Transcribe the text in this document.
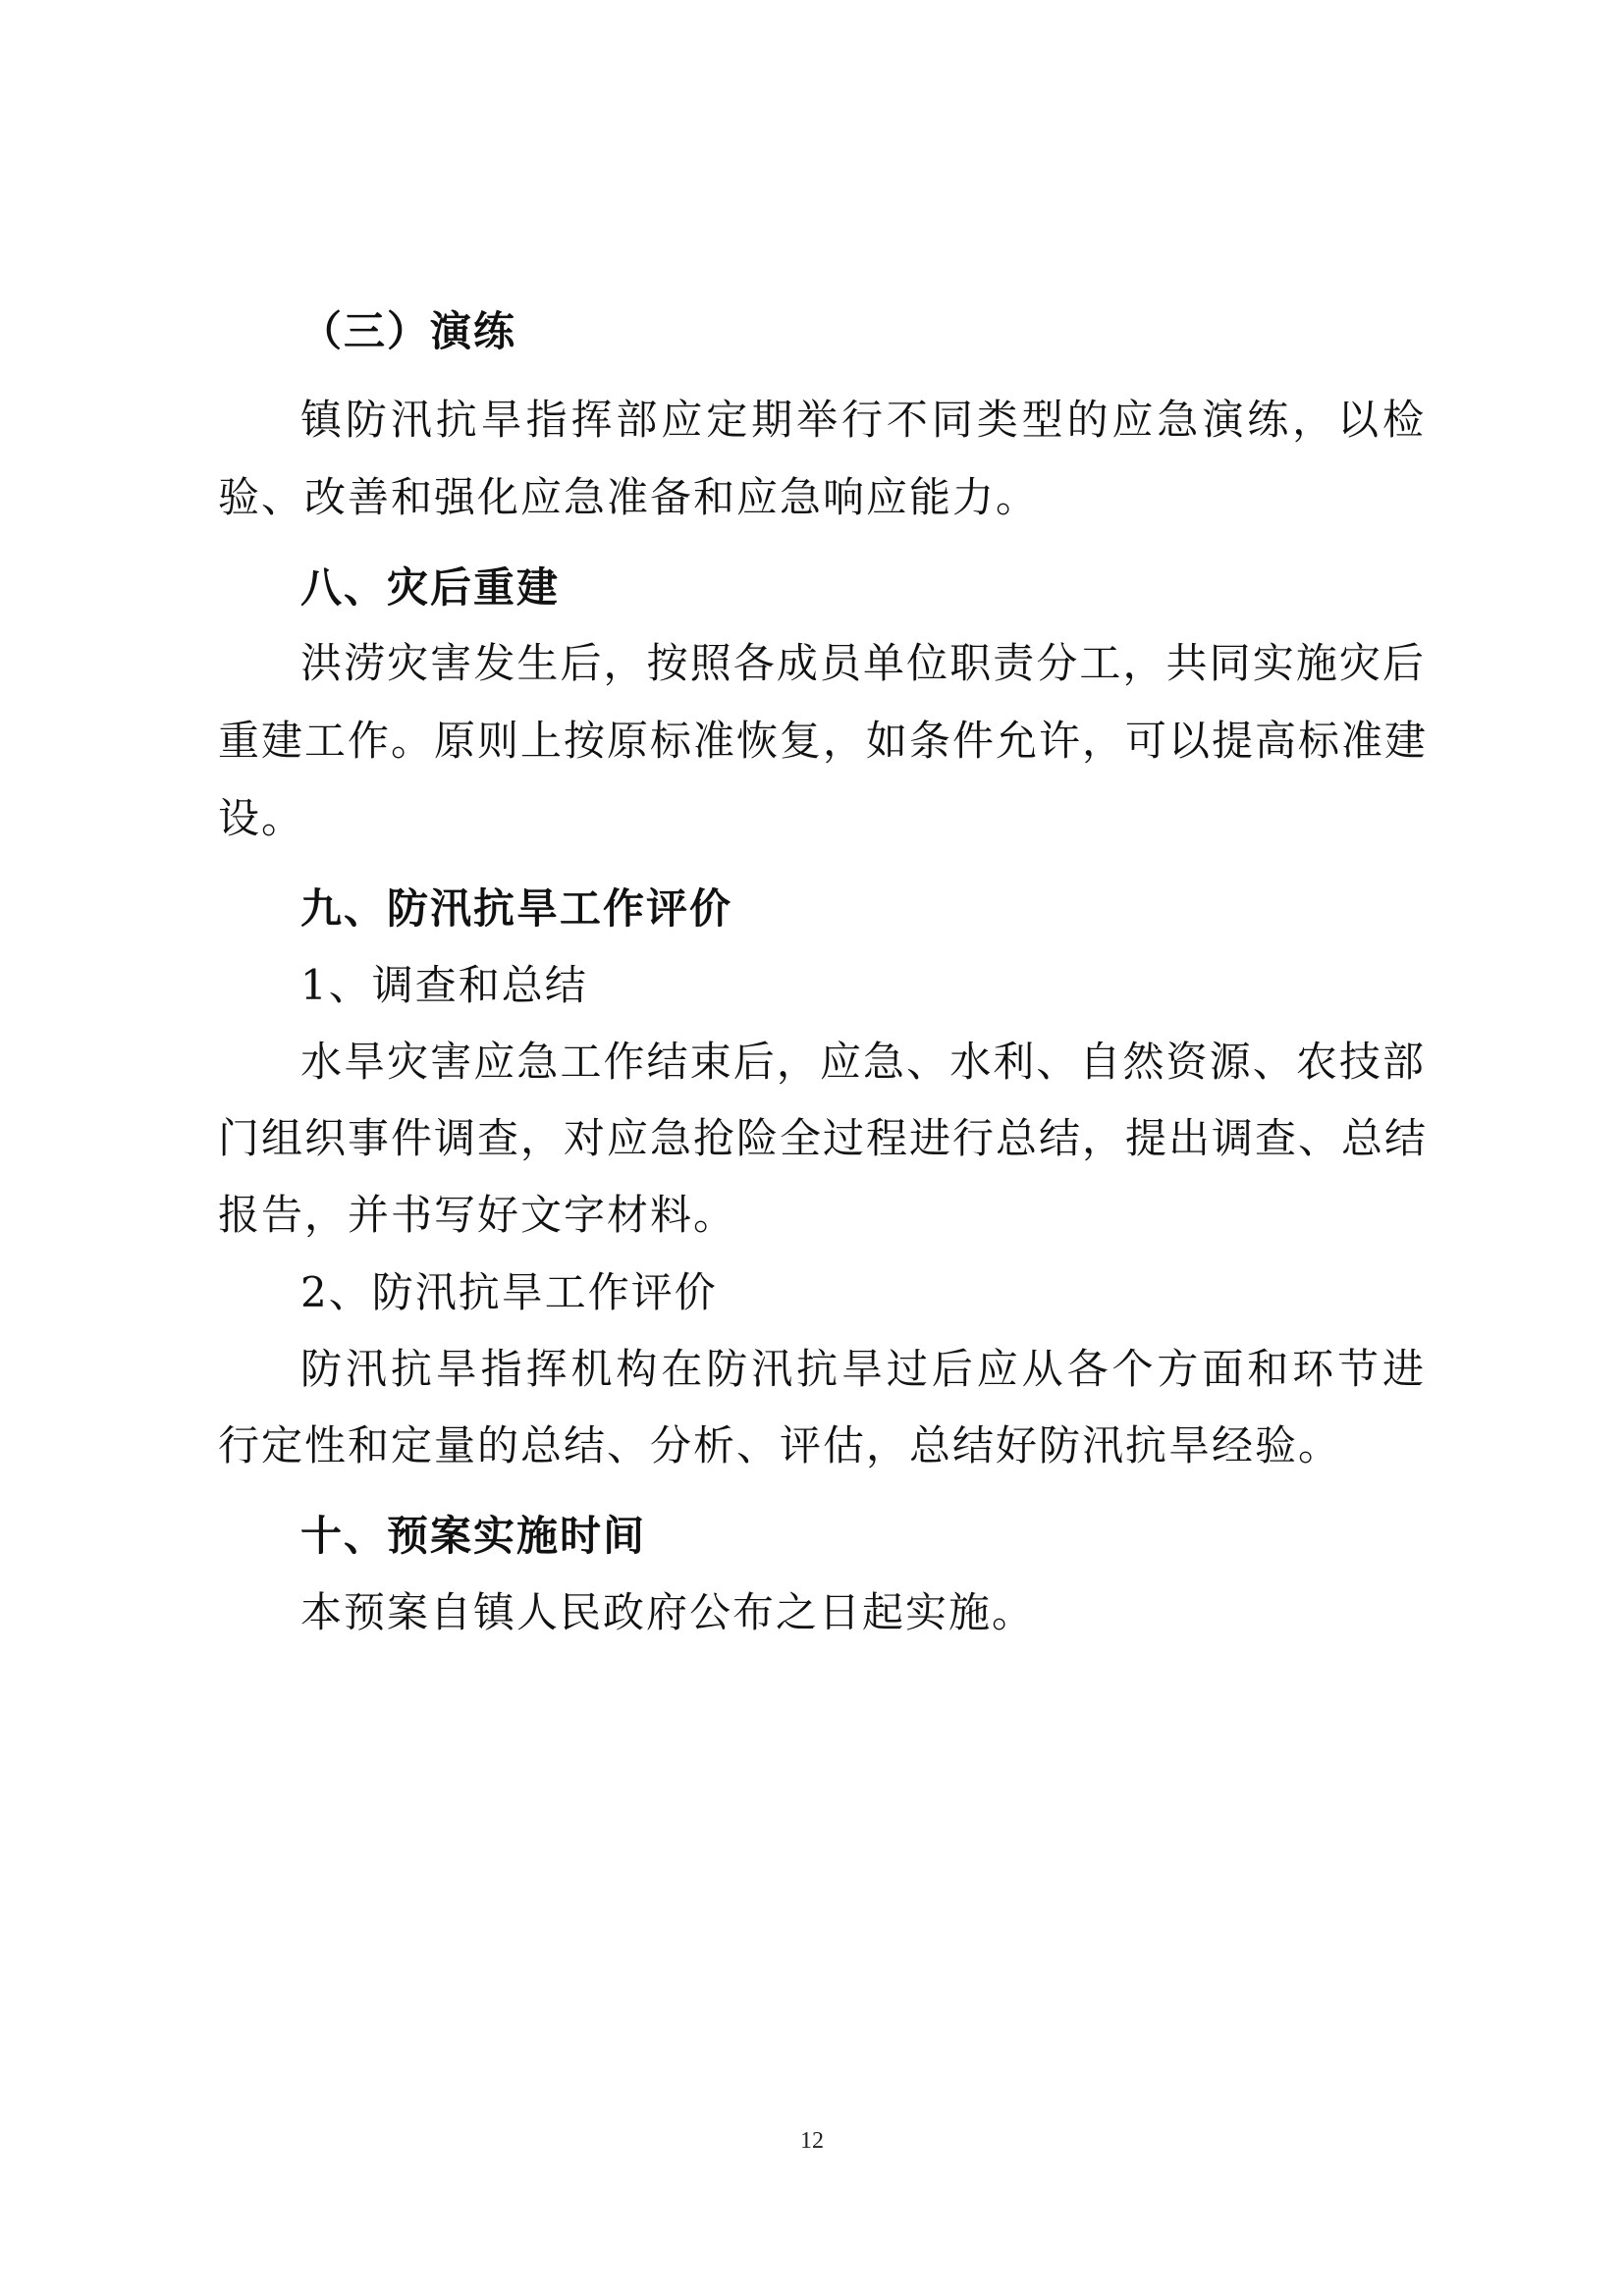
（三）演练
镇防汛抗旱指挥部应定期举行不同类型的应急演练，以检
验、改善和强化应急准备和应急响应能力。
八、灾后重建
洪涝灾害发生后，按照各成员单位职责分工，共同实施灾后
重建工作。原则上按原标准恢复，如条件允许，可以提高标准建
设。
九、防汛抗旱工作评价
1、调查和总结
水旱灾害应急工作结束后，应急、水利、自然资源、农技部
门组织事件调查，对应急抢险全过程进行总结，提出调查、总结
报告，并书写好文字材料。
2、防汛抗旱工作评价
防汛抗旱指挥机构在防汛抗旱过后应从各个方面和环节进
行定性和定量的总结、分析、评估，总结好防汛抗旱经验。
十、预案实施时间
本预案自镇人民政府公布之日起实施。
12
